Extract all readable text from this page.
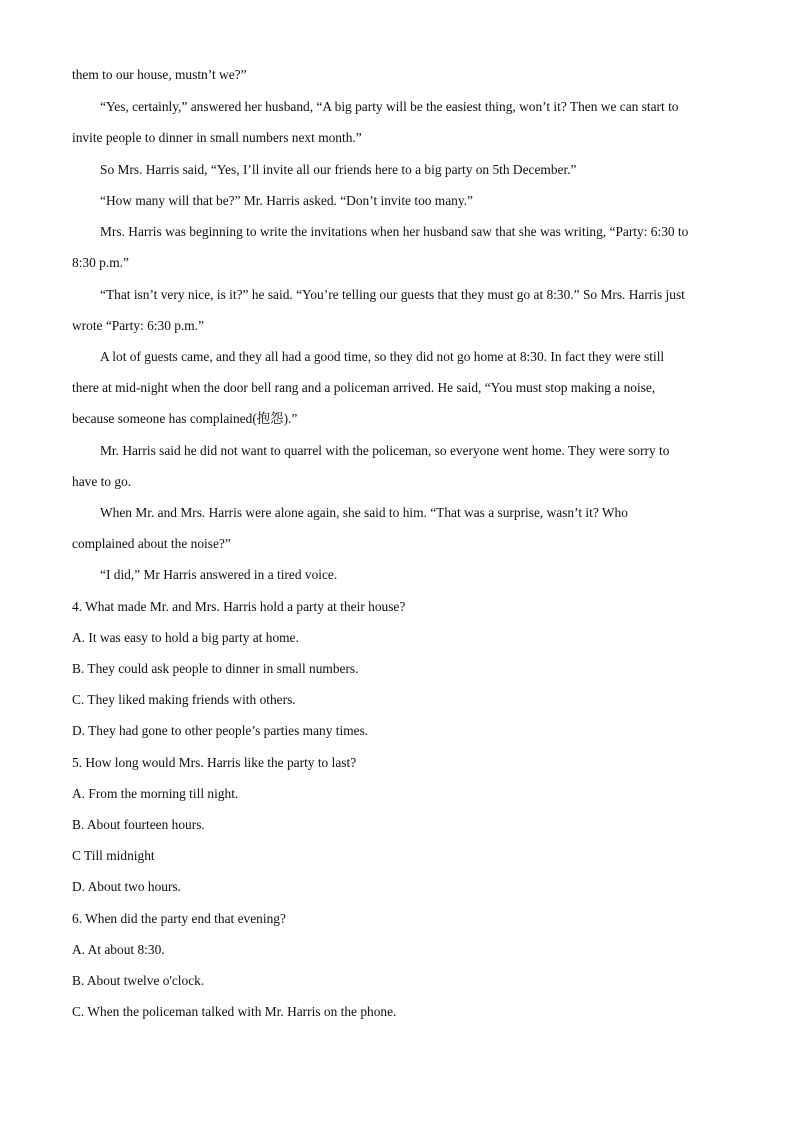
them to our house, mustn’t we?”
“Yes, certainly,” answered her husband, “A big party will be the easiest thing, won’t it? Then we can start to
invite people to dinner in small numbers next month.”
So Mrs. Harris said, “Yes, I’ll invite all our friends here to a big party on 5th December.”
“How many will that be?” Mr. Harris asked. “Don’t invite too many.”
Mrs. Harris was beginning to write the invitations when her husband saw that she was writing, “Party: 6:30 to
8:30 p.m.”
“That isn’t very nice, is it?” he said. “You’re telling our guests that they must go at 8:30.” So Mrs. Harris just
wrote “Party: 6:30 p.m.”
A lot of guests came, and they all had a good time, so they did not go home at 8:30. In fact they were still
there at mid-night when the door bell rang and a policeman arrived. He said, “You must stop making a noise,
because someone has complained(抱怨).”
Mr. Harris said he did not want to quarrel with the policeman, so everyone went home. They were sorry to
have to go.
When Mr. and Mrs. Harris were alone again, she said to him. “That was a surprise, wasn’t it? Who
complained about the noise?”
“I did,” Mr Harris answered in a tired voice.
4. What made Mr. and Mrs. Harris hold a party at their house?
A. It was easy to hold a big party at home.
B. They could ask people to dinner in small numbers.
C. They liked making friends with others.
D. They had gone to other people’s parties many times.
5. How long would Mrs. Harris like the party to last?
A. From the morning till night.
B. About fourteen hours.
C Till midnight
D. About two hours.
6. When did the party end that evening?
A. At about 8:30.
B. About twelve o'clock.
C. When the policeman talked with Mr. Harris on the phone.
